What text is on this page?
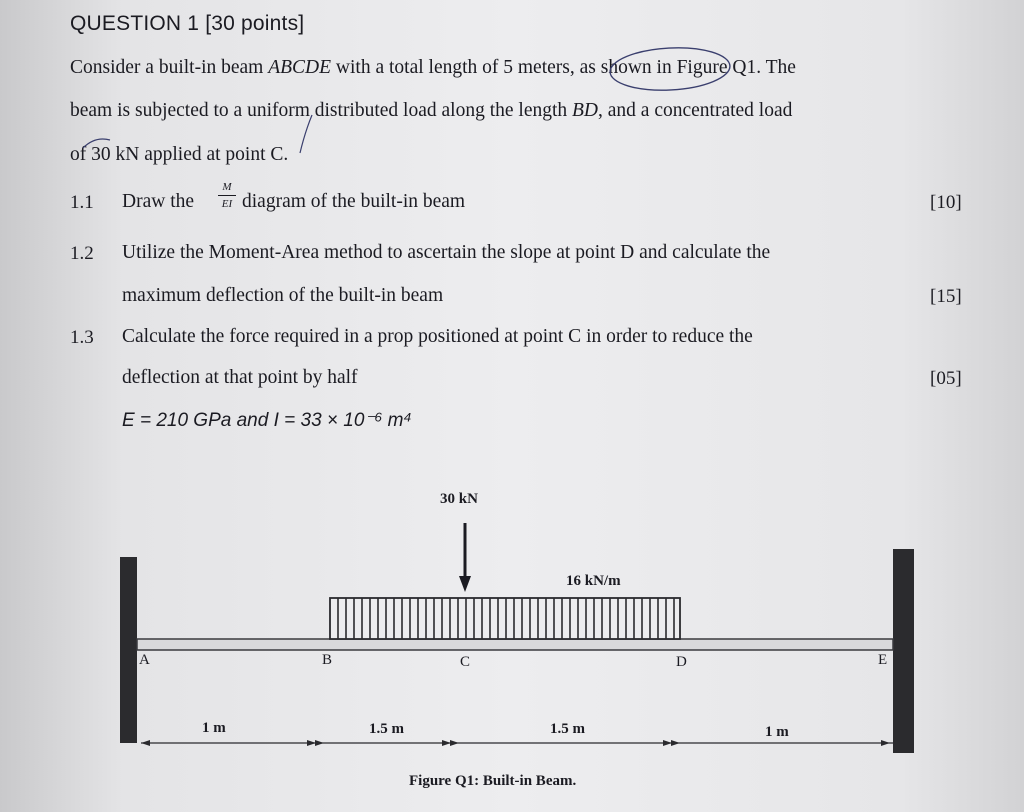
QUESTION 1 [30 points]
Consider a built-in beam ABCDE with a total length of 5 meters, as shown in Figure Q1. The
beam is subjected to a uniform distributed load along the length BD, and a concentrated load
of 30 kN applied at point C.
1.1 Draw the
M
EI diagram of the built-in beam	[10]
1.2 Utilize the Moment-Area method to ascertain the slope at point D and calculate the
maximum deflection of the built-in beam	[15]
1.3 Calculate the force required in a prop positioned at point C in order to reduce the
deflection at that point by half	[05]
E = 210 GPa and I = 33 × 10⁻⁶ m⁴
30 kN
16 kN/m
A	B	C	D	E
1 m	1.5 m	1.5 m	1 m
Figure Q1: Built-in Beam.
